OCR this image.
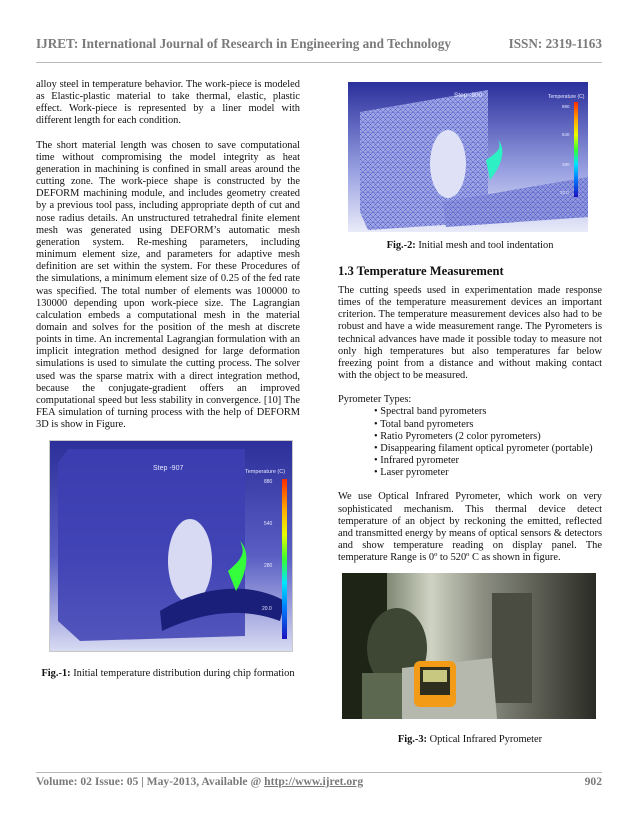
IJRET: International Journal of Research in Engineering and Technology	ISSN: 2319-1163

alloy steel in temperature behavior. The work-piece is modeled as Elastic-plastic material to take thermal, elastic, plastic effect. Work-piece is represented by a liner model with different length for each condition.

The short material length was chosen to save computational time without compromising the model integrity as heat generation in machining is confined in small areas around the cutting zone. The work-piece shape is constructed by the DEFORM machining module, and includes geometry created by a previous tool pass, including appropriate depth of cut and nose radius details. An unstructured tetrahedral finite element mesh was generated using DEFORM’s automatic mesh generation system. Re-meshing parameters, including minimum element size, and parameters for adaptive mesh definition are set within the system. For these Procedures of the simulations, a minimum element size of 0.25 of the fed rate was specified. The total number of elements was 100000 to 130000 depending upon work-piece size. The Lagrangian calculation embeds a computational mesh in the material domain and solves for the position of the mesh at discrete points in time. An incremental Lagrangian formulation with an implicit integration method designed for large deformation simulations is used to simulate the cutting process. The solver used was the sparse matrix with a direct integration method, because the conjugate-gradient offers an improved computational speed but less stability in convergence. [10] The FEA simulation of turning process with the help of DEFORM 3D is show in Figure.

Step -907	Temperature (C)
880
540
280
20.0
Fig.-1: Initial temperature distribution during chip formation
Step -900	Temperature (C)
880
540
280
20.0
Fig.-2: Initial mesh and tool indentation
1.3 Temperature Measurement

The cutting speeds used in experimentation made response times of the temperature measurement devices an important criterion. The temperature measurement devices also had to be robust and have a wide measurement range. The Pyrometers is technical advances have made it possible today to measure not only high temperatures but also temperatures far below freezing point from a distance and without making contact with the object to be measured.

Pyrometer Types:
• Spectral band pyrometers
• Total band pyrometers
• Ratio Pyrometers (2 color pyrometers)
• Disappearing filament optical pyrometer (portable)
• Infrared pyrometer
• Laser pyrometer

We use Optical Infrared Pyrometer, which work on very sophisticated mechanism. This thermal device detect temperature of an object by reckoning the emitted, reflected and transmitted energy by means of optical sensors & detectors and show temperature reading on display panel. The temperature Range is 0º to 520º C as shown in figure.

Fig.-3: Optical Infrared Pyrometer
Volume: 02 Issue: 05 | May-2013, Available @ http://www.ijret.org	902
